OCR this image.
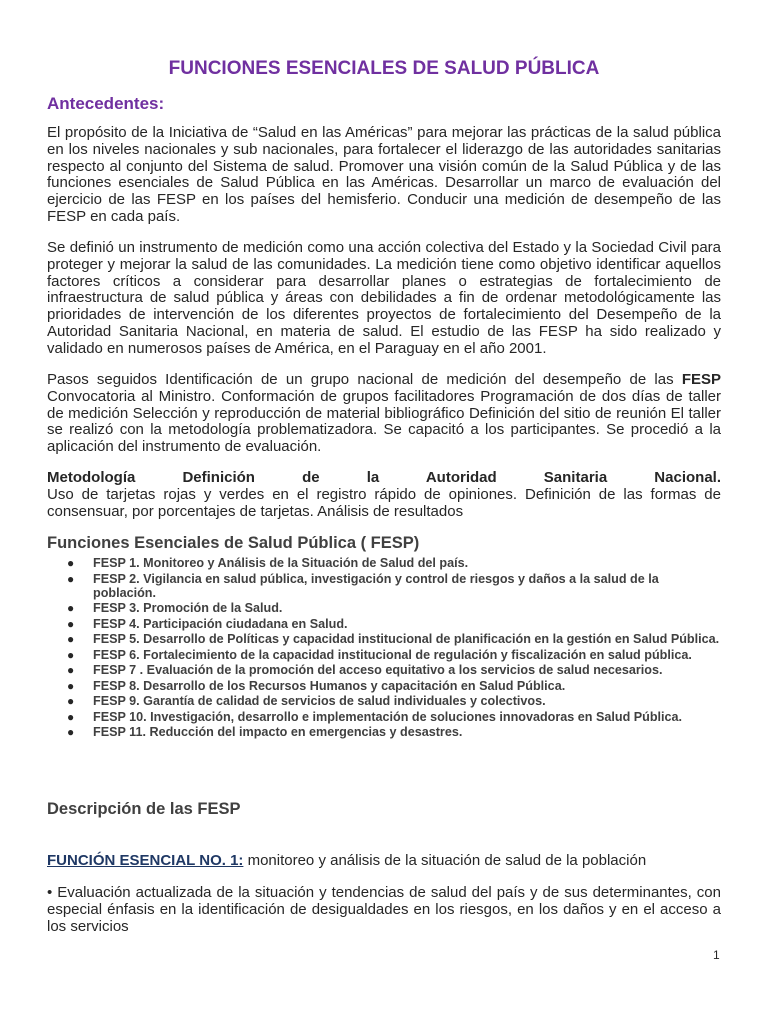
FUNCIONES ESENCIALES DE SALUD PÚBLICA
Antecedentes:

El propósito de la Iniciativa de “Salud en las Américas” para mejorar las prácticas de la salud pública en los niveles nacionales y sub nacionales, para fortalecer el liderazgo de las autoridades sanitarias respecto al conjunto del Sistema de salud. Promover una visión común de la Salud Pública y de las funciones esenciales de Salud Pública en las Américas. Desarrollar un marco de evaluación del ejercicio de las FESP en los países del hemisferio. Conducir una medición de desempeño de las FESP en cada país.

Se definió un instrumento de medición como una acción colectiva del Estado y la Sociedad Civil para proteger y mejorar la salud de las comunidades. La medición tiene como objetivo identificar aquellos factores críticos a considerar para desarrollar planes o estrategias de fortalecimiento de infraestructura de salud pública y áreas con debilidades a fin de ordenar metodológicamente las prioridades de intervención de los diferentes proyectos de fortalecimiento del Desempeño de la Autoridad Sanitaria Nacional, en materia de salud. El estudio de las FESP ha sido realizado y validado en numerosos países de América, en el Paraguay en el año 2001.

Pasos seguidos Identificación de un grupo nacional de medición del desempeño de las FESP Convocatoria al Ministro. Conformación de grupos facilitadores Programación de dos días de taller de medición Selección y reproducción de material bibliográfico Definición del sitio de reunión El taller se realizó con la metodología problematizadora. Se capacitó a los participantes. Se procedió a la aplicación del instrumento de evaluación.

Metodología Definición de la Autoridad Sanitaria Nacional.
Uso de tarjetas rojas y verdes en el registro rápido de opiniones. Definición de las formas de consensuar, por porcentajes de tarjetas. Análisis de resultados

Funciones Esenciales de Salud Pública ( FESP)
● FESP 1. Monitoreo y Análisis de la Situación de Salud del país.
● FESP 2. Vigilancia en salud pública, investigación y control de riesgos y daños a la salud de la población.
● FESP 3. Promoción de la Salud.
● FESP 4. Participación ciudadana en Salud.
● FESP 5. Desarrollo de Políticas y capacidad institucional de planificación en la gestión en Salud Pública.
● FESP 6. Fortalecimiento de la capacidad institucional de regulación y fiscalización en salud pública.
● FESP 7 . Evaluación de la promoción del acceso equitativo a los servicios de salud necesarios.
● FESP 8. Desarrollo de los Recursos Humanos y capacitación en Salud Pública.
● FESP 9. Garantía de calidad de servicios de salud individuales y colectivos.
● FESP 10. Investigación, desarrollo e implementación de soluciones innovadoras en Salud Pública.
● FESP 11. Reducción del impacto en emergencias y desastres.
Descripción de las FESP

FUNCIÓN ESENCIAL NO. 1: monitoreo y análisis de la situación de salud de la población

• Evaluación actualizada de la situación y tendencias de salud del país y de sus determinantes, con especial énfasis en la identificación de desigualdades en los riesgos, en los daños y en el acceso a los servicios

1
